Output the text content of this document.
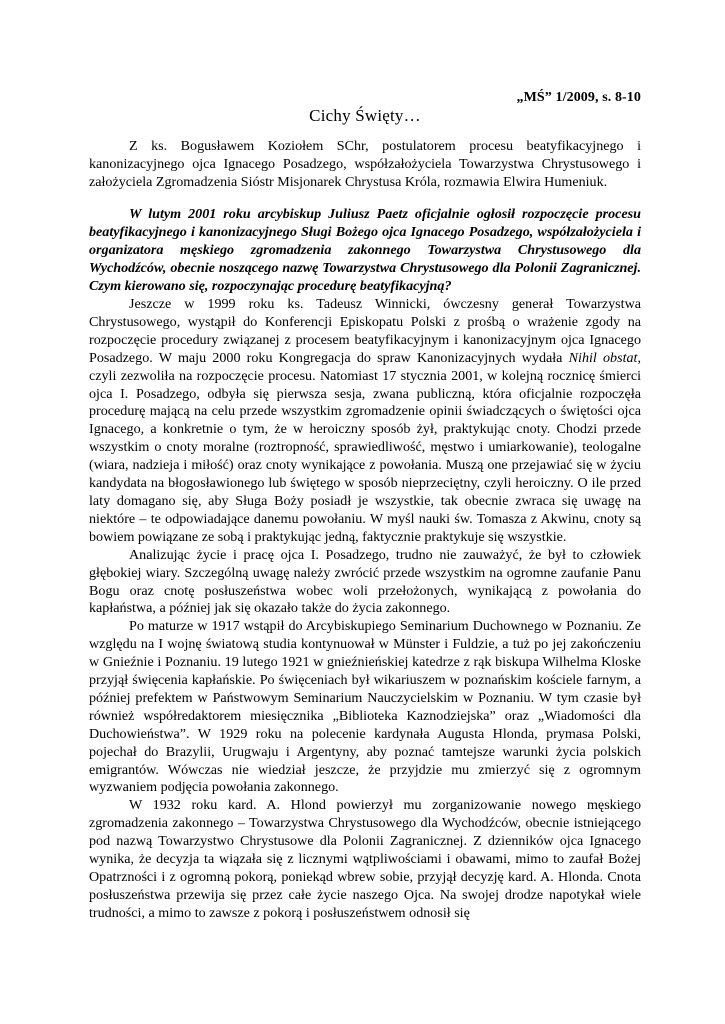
„MŚ” 1/2009, s. 8-10
Cichy Święty…

Z ks. Bogusławem Koziołem SChr, postulatorem procesu beatyfikacyjnego i kanonizacyjnego ojca Ignacego Posadzego, współzałożyciela Towarzystwa Chrystusowego i założyciela Zgromadzenia Sióstr Misjonarek Chrystusa Króla, rozmawia Elwira Humeniuk.

W lutym 2001 roku arcybiskup Juliusz Paetz oficjalnie ogłosił rozpoczęcie procesu beatyfikacyjnego i kanonizacyjnego Sługi Bożego ojca Ignacego Posadzego, współzałożyciela i organizatora męskiego zgromadzenia zakonnego Towarzystwa Chrystusowego dla Wychodźców, obecnie noszącego nazwę Towarzystwa Chrystusowego dla Polonii Zagranicznej. Czym kierowano się, rozpoczynając procedurę beatyfikacyjną?

Jeszcze w 1999 roku ks. Tadeusz Winnicki, ówczesny generał Towarzystwa Chrystusowego, wystąpił do Konferencji Episkopatu Polski z prośbą o wrażenie zgody na rozpoczęcie procedury związanej z procesem beatyfikacyjnym i kanonizacyjnym ojca Ignacego Posadzego. W maju 2000 roku Kongregacja do spraw Kanonizacyjnych wydała Nihil obstat, czyli zezwoliła na rozpoczęcie procesu. Natomiast 17 stycznia 2001, w kolejną rocznicę śmierci ojca I. Posadzego, odbyła się pierwsza sesja, zwana publiczną, która oficjalnie rozpoczęła procedurę mającą na celu przede wszystkim zgromadzenie opinii świadczących o świętości ojca Ignacego, a konkretnie o tym, że w heroiczny sposób żył, praktykując cnoty. Chodzi przede wszystkim o cnoty moralne (roztropność, sprawiedliwość, męstwo i umiarkowanie), teologalne (wiara, nadzieja i miłość) oraz cnoty wynikające z powołania. Muszą one przejawiać się w życiu kandydata na błogosławionego lub świętego w sposób nieprzeciętny, czyli heroiczny. O ile przed laty domagano się, aby Sługa Boży posiadł je wszystkie, tak obecnie zwraca się uwagę na niektóre – te odpowiadające danemu powołaniu. W myśl nauki św. Tomasza z Akwinu, cnoty są bowiem powiązane ze sobą i praktykując jedną, faktycznie praktykuje się wszystkie.

Analizując życie i pracę ojca I. Posadzego, trudno nie zauważyć, że był to człowiek głębokiej wiary. Szczególną uwagę należy zwrócić przede wszystkim na ogromne zaufanie Panu Bogu oraz cnotę posłuszeństwa wobec woli przełożonych, wynikającą z powołania do kapłaństwa, a później jak się okazało także do życia zakonnego.

Po maturze w 1917 wstąpił do Arcybiskupiego Seminarium Duchownego w Poznaniu. Ze względu na I wojnę światową studia kontynuował w Münster i Fuldzie, a tuż po jej zakończeniu w Gnieźnie i Poznaniu. 19 lutego 1921 w gnieźnieńskiej katedrze z rąk biskupa Wilhelma Kloske przyjął święcenia kapłańskie. Po święceniach był wikariuszem w poznańskim kościele farnym, a później prefektem w Państwowym Seminarium Nauczycielskim w Poznaniu. W tym czasie był również współredaktorem miesięcznika „Biblioteka Kaznodziejska” oraz „Wiadomości dla Duchowieństwa”. W 1929 roku na polecenie kardynała Augusta Hlonda, prymasa Polski, pojechał do Brazylii, Urugwaju i Argentyny, aby poznać tamtejsze warunki życia polskich emigrantów. Wówczas nie wiedział jeszcze, że przyjdzie mu zmierzyć się z ogromnym wyzwaniem podjęcia powołania zakonnego.

W 1932 roku kard. A. Hlond powierzył mu zorganizowanie nowego męskiego zgromadzenia zakonnego – Towarzystwa Chrystusowego dla Wychodźców, obecnie istniejącego pod nazwą Towarzystwo Chrystusowe dla Polonii Zagranicznej. Z dzienników ojca Ignacego wynika, że decyzja ta wiązała się z licznymi wątpliwościami i obawami, mimo to zaufał Bożej Opatrzności i z ogromną pokorą, poniekąd wbrew sobie, przyjął decyzję kard. A. Hlonda. Cnota posłuszeństwa przewija się przez całe życie naszego Ojca. Na swojej drodze napotykał wiele trudności, a mimo to zawsze z pokorą i posłuszeństwem odnosił się
